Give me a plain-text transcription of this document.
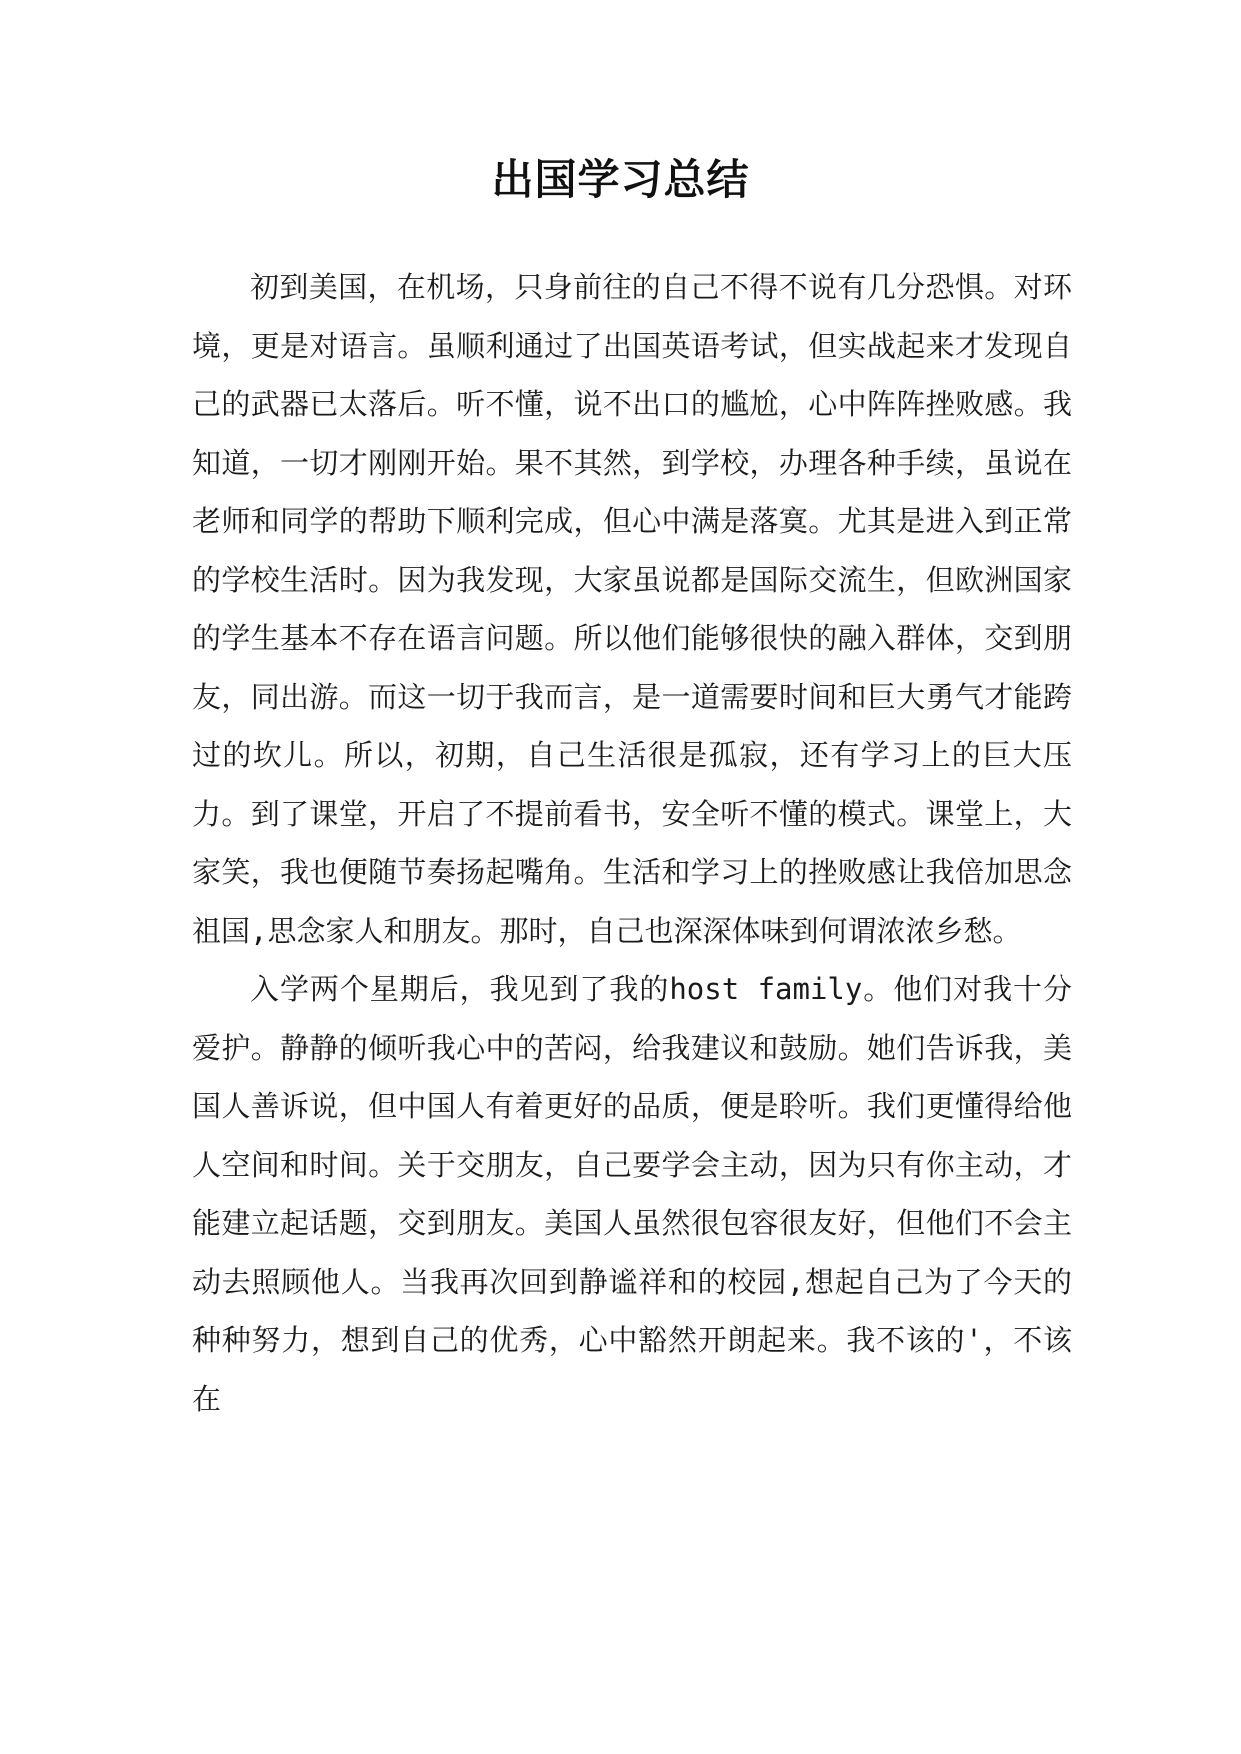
出国学习总结

初到美国，在机场，只身前往的自己不得不说有几分恐惧。对环境，更是对语言。虽顺利通过了出国英语考试，但实战起来才发现自己的武器已太落后。听不懂，说不出口的尴尬，心中阵阵挫败感。我知道，一切才刚刚开始。果不其然，到学校，办理各种手续，虽说在老师和同学的帮助下顺利完成，但心中满是落寞。尤其是进入到正常的学校生活时。因为我发现，大家虽说都是国际交流生，但欧洲国家的学生基本不存在语言问题。所以他们能够很快的融入群体，交到朋友，同出游。而这一切于我而言，是一道需要时间和巨大勇气才能跨过的坎儿。所以，初期，自己生活很是孤寂，还有学习上的巨大压力。到了课堂，开启了不提前看书，安全听不懂的模式。课堂上，大家笑，我也便随节奏扬起嘴角。生活和学习上的挫败感让我倍加思念祖国,思念家人和朋友。那时，自己也深深体味到何谓浓浓乡愁。

入学两个星期后，我见到了我的host family。他们对我十分爱护。静静的倾听我心中的苦闷，给我建议和鼓励。她们告诉我，美国人善诉说，但中国人有着更好的品质，便是聆听。我们更懂得给他人空间和时间。关于交朋友，自己要学会主动，因为只有你主动，才能建立起话题，交到朋友。美国人虽然很包容很友好，但他们不会主动去照顾他人。当我再次回到静谧祥和的校园,想起自己为了今天的种种努力，想到自己的优秀，心中豁然开朗起来。我不该的'，不该在
